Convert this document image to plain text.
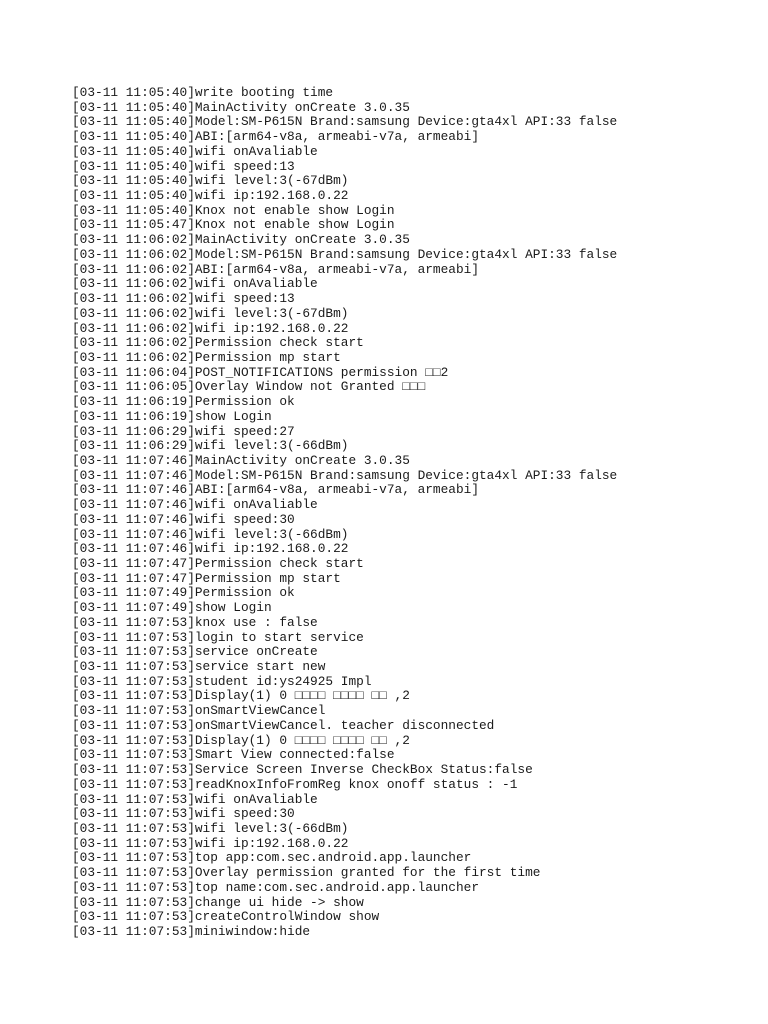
[03-11 11:05:40]write booting time
[03-11 11:05:40]MainActivity onCreate 3.0.35
[03-11 11:05:40]Model:SM-P615N Brand:samsung Device:gta4xl API:33 false
[03-11 11:05:40]ABI:[arm64-v8a, armeabi-v7a, armeabi]
[03-11 11:05:40]wifi onAvaliable
[03-11 11:05:40]wifi speed:13
[03-11 11:05:40]wifi level:3(-67dBm)
[03-11 11:05:40]wifi ip:192.168.0.22
[03-11 11:05:40]Knox not enable show Login
[03-11 11:05:47]Knox not enable show Login
[03-11 11:06:02]MainActivity onCreate 3.0.35
[03-11 11:06:02]Model:SM-P615N Brand:samsung Device:gta4xl API:33 false
[03-11 11:06:02]ABI:[arm64-v8a, armeabi-v7a, armeabi]
[03-11 11:06:02]wifi onAvaliable
[03-11 11:06:02]wifi speed:13
[03-11 11:06:02]wifi level:3(-67dBm)
[03-11 11:06:02]wifi ip:192.168.0.22
[03-11 11:06:02]Permission check start
[03-11 11:06:02]Permission mp start
[03-11 11:06:04]POST_NOTIFICATIONS permission □□2
[03-11 11:06:05]Overlay Window not Granted □□□
[03-11 11:06:19]Permission ok
[03-11 11:06:19]show Login
[03-11 11:06:29]wifi speed:27
[03-11 11:06:29]wifi level:3(-66dBm)
[03-11 11:07:46]MainActivity onCreate 3.0.35
[03-11 11:07:46]Model:SM-P615N Brand:samsung Device:gta4xl API:33 false
[03-11 11:07:46]ABI:[arm64-v8a, armeabi-v7a, armeabi]
[03-11 11:07:46]wifi onAvaliable
[03-11 11:07:46]wifi speed:30
[03-11 11:07:46]wifi level:3(-66dBm)
[03-11 11:07:46]wifi ip:192.168.0.22
[03-11 11:07:47]Permission check start
[03-11 11:07:47]Permission mp start
[03-11 11:07:49]Permission ok
[03-11 11:07:49]show Login
[03-11 11:07:53]knox use : false
[03-11 11:07:53]login to start service
[03-11 11:07:53]service onCreate
[03-11 11:07:53]service start new
[03-11 11:07:53]student id:ys24925 Impl
[03-11 11:07:53]Display(1) 0 □□□□ □□□□ □□ ,2
[03-11 11:07:53]onSmartViewCancel
[03-11 11:07:53]onSmartViewCancel. teacher disconnected
[03-11 11:07:53]Display(1) 0 □□□□ □□□□ □□ ,2
[03-11 11:07:53]Smart View connected:false
[03-11 11:07:53]Service Screen Inverse CheckBox Status:false
[03-11 11:07:53]readKnoxInfoFromReg knox onoff status : -1
[03-11 11:07:53]wifi onAvaliable
[03-11 11:07:53]wifi speed:30
[03-11 11:07:53]wifi level:3(-66dBm)
[03-11 11:07:53]wifi ip:192.168.0.22
[03-11 11:07:53]top app:com.sec.android.app.launcher
[03-11 11:07:53]Overlay permission granted for the first time
[03-11 11:07:53]top name:com.sec.android.app.launcher
[03-11 11:07:53]change ui hide -> show
[03-11 11:07:53]createControlWindow show
[03-11 11:07:53]miniwindow:hide
